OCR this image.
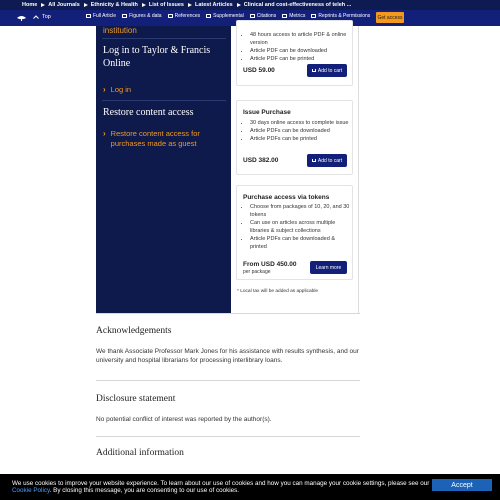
Home All Journals Ethnicity & Health List of Issues Latest Articles Clinical and cost-effectiveness of teleh ...
Top	Full Article	Figures & data	References	Supplemental	Citations	Metrics	Reprints & Permissions Get access
institution
Log in to Taylor & Francis Online
› Log in
Restore content access
› Restore content access for purchases made as guest
• 48 hours access to article PDF & online version
• Article PDF can be downloaded
• Article PDF can be printed
USD 59.00	Add to cart
Issue Purchase
• 30 days online access to complete issue
• Article PDFs can be downloaded
• Article PDFs can be printed
USD 382.00	Add to cart
Purchase access via tokens
• Choose from packages of 10, 20, and 30 tokens
• Can use on articles across multiple libraries & subject collections
• Article PDFs can be downloaded & printed
From USD 450.00
per package
Learn more
* Local tax will be added as applicable
Acknowledgements
We thank Associate Professor Mark Jones for his assistance with results synthesis, and our university and hospital librarians for processing interlibrary loans.
Disclosure statement
No potential conflict of interest was reported by the author(s).
Additional information
We use cookies to improve your website experience. To learn about our use of cookies and how you can manage your cookie settings, please see our Cookie Policy. By closing this message, you are consenting to our use of cookies.
Accept
